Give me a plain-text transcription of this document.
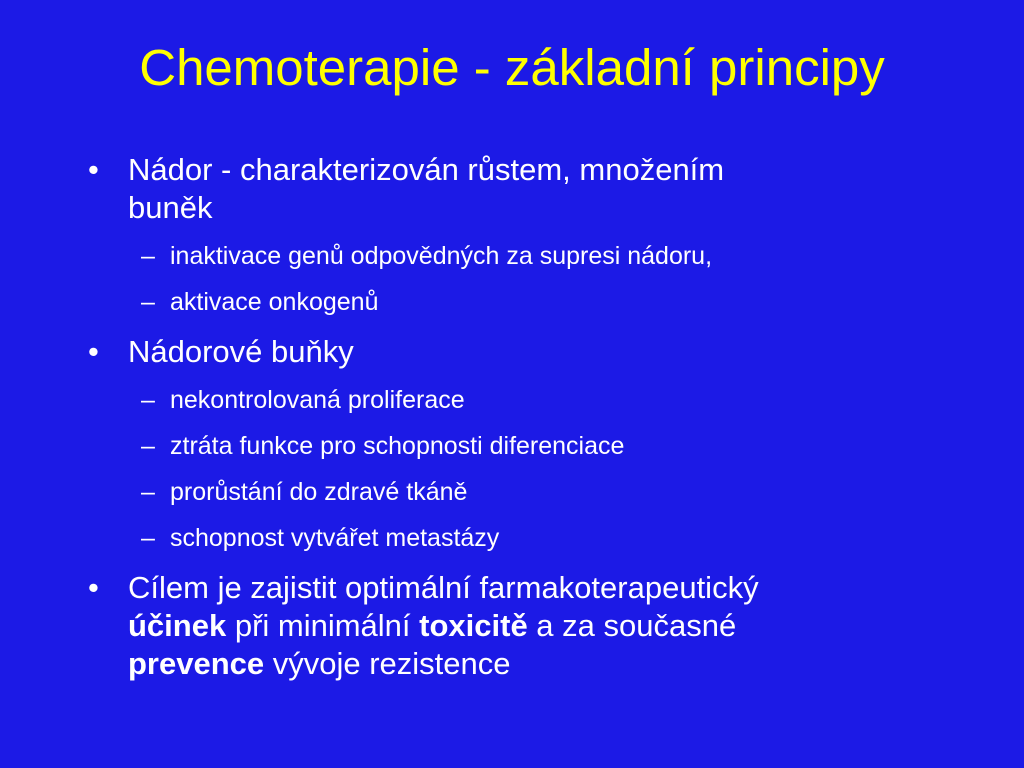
Chemoterapie - základní principy
• Nádor - charakterizován růstem, množením
buněk
– inaktivace genů odpovědných za supresi nádoru,
– aktivace onkogenů
• Nádorové buňky
– nekontrolovaná proliferace
– ztráta funkce pro schopnosti diferenciace
– prorůstání do zdravé tkáně
– schopnost vytvářet metastázy
• Cílem je zajistit optimální farmakoterapeutický
účinek při minimální toxicitě a za současné
prevence vývoje rezistence
